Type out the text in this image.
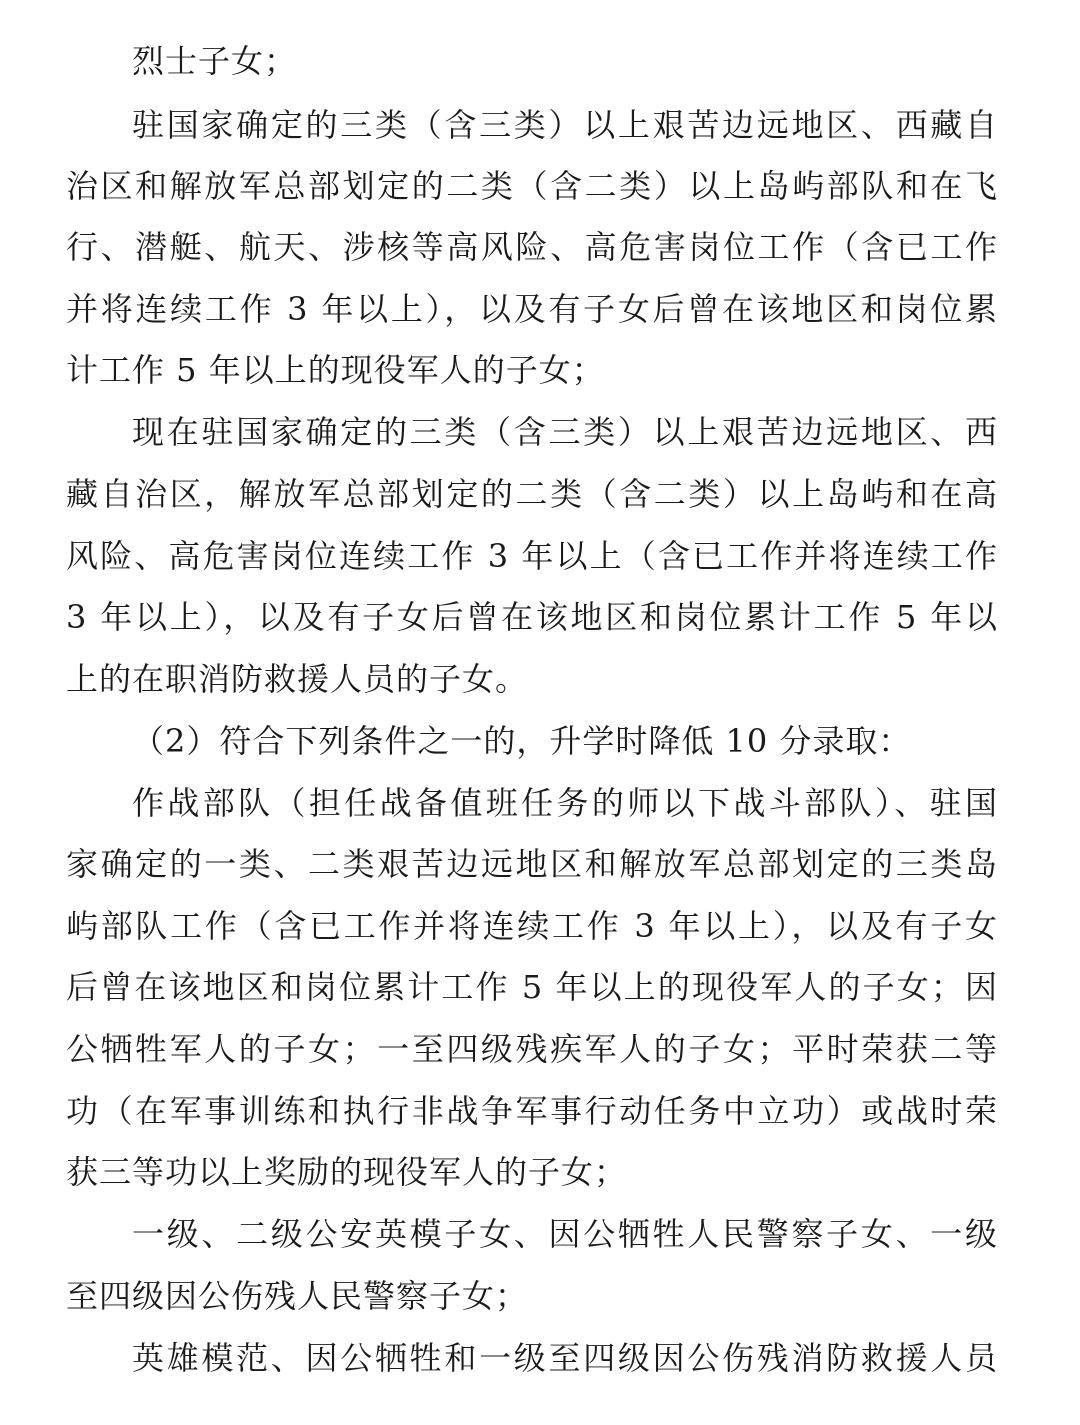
烈士子女；
驻国家确定的三类（含三类）以上艰苦边远地区、西藏自
治区和解放军总部划定的二类（含二类）以上岛屿部队和在飞
行、潜艇、航天、涉核等高风险、高危害岗位工作（含已工作
并将连续工作 3 年以上），以及有子女后曾在该地区和岗位累
计工作 5 年以上的现役军人的子女；
现在驻国家确定的三类（含三类）以上艰苦边远地区、西
藏自治区，解放军总部划定的二类（含二类）以上岛屿和在高
风险、高危害岗位连续工作 3 年以上（含已工作并将连续工作
3 年以上），以及有子女后曾在该地区和岗位累计工作 5 年以
上的在职消防救援人员的子女。
（2）符合下列条件之一的，升学时降低 10 分录取：
作战部队（担任战备值班任务的师以下战斗部队）、驻国
家确定的一类、二类艰苦边远地区和解放军总部划定的三类岛
屿部队工作（含已工作并将连续工作 3 年以上），以及有子女
后曾在该地区和岗位累计工作 5 年以上的现役军人的子女；因
公牺牲军人的子女；一至四级残疾军人的子女；平时荣获二等
功（在军事训练和执行非战争军事行动任务中立功）或战时荣
获三等功以上奖励的现役军人的子女；
一级、二级公安英模子女、因公牺牲人民警察子女、一级
至四级因公伤残人民警察子女；
英雄模范、因公牺牲和一级至四级因公伤残消防救援人员
